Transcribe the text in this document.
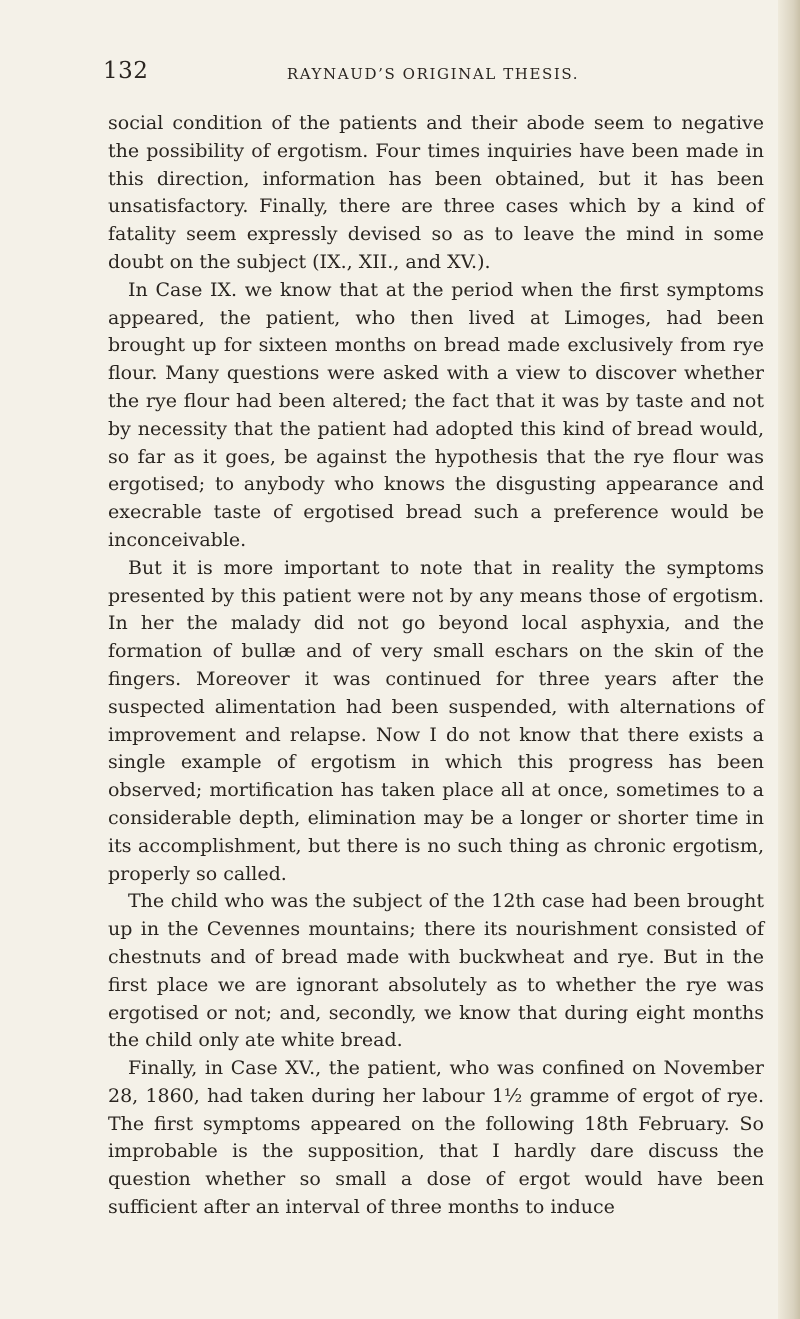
132	RAYNAUD’S ORIGINAL THESIS.

social condition of the patients and their abode seem to negative the possibility of ergotism. Four times inquiries have been made in this direction, information has been obtained, but it has been unsatisfactory. Finally, there are three cases which by a kind of fatality seem expressly devised so as to leave the mind in some doubt on the subject (IX., XII., and XV.).

In Case IX. we know that at the period when the first symptoms appeared, the patient, who then lived at Limoges, had been brought up for sixteen months on bread made exclusively from rye flour. Many questions were asked with a view to discover whether the rye flour had been altered; the fact that it was by taste and not by necessity that the patient had adopted this kind of bread would, so far as it goes, be against the hypothesis that the rye flour was ergotised; to anybody who knows the disgusting appearance and execrable taste of ergotised bread such a preference would be inconceivable.

But it is more important to note that in reality the symptoms presented by this patient were not by any means those of ergotism. In her the malady did not go beyond local asphyxia, and the formation of bullæ and of very small eschars on the skin of the fingers. Moreover it was continued for three years after the suspected alimentation had been suspended, with alternations of improvement and relapse. Now I do not know that there exists a single example of ergotism in which this progress has been observed; mortification has taken place all at once, sometimes to a considerable depth, elimination may be a longer or shorter time in its accomplishment, but there is no such thing as chronic ergotism, properly so called.

The child who was the subject of the 12th case had been brought up in the Cevennes mountains; there its nourishment consisted of chestnuts and of bread made with buckwheat and rye. But in the first place we are ignorant absolutely as to whether the rye was ergotised or not; and, secondly, we know that during eight months the child only ate white bread.

Finally, in Case XV., the patient, who was confined on November 28, 1860, had taken during her labour 1½ gramme of ergot of rye. The first symptoms appeared on the following 18th February. So improbable is the supposition, that I hardly dare discuss the question whether so small a dose of ergot would have been sufficient after an interval of three months to induce
